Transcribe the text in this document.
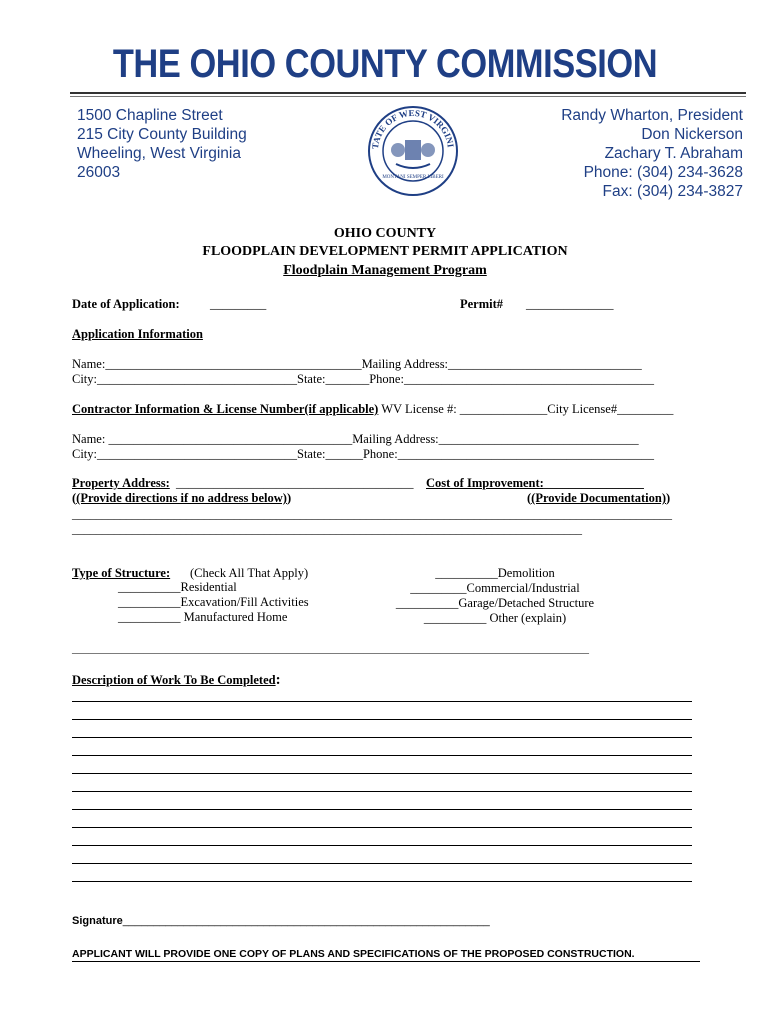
THE OHIO COUNTY COMMISSION
1500 Chapline Street
215 City County Building
Wheeling, West Virginia
26003
TATE OF WEST VIRGINI
MONTANI SEMPER LIBERI
Randy Wharton, President
Don Nickerson
Zachary T. Abraham
Phone: (304) 234-3628
Fax: (304) 234-3827
OHIO COUNTY
FLOODPLAIN DEVELOPMENT PERMIT APPLICATION
Floodplain Management Program
Date of Application: _________	Permit# ______________
Application Information
Name:_________________________________________Mailing Address:_______________________________
City:________________________________State:_______Phone:________________________________________
Contractor Information & License Number(if applicable) WV License #: ______________City License#_________
Name: _______________________________________Mailing Address:________________________________
City:________________________________State:______Phone:_________________________________________
Property Address: ______________________________________ Cost of Improvement:________________
((Provide directions if no address below))	((Provide Documentation))
____________________________________________________________________________________________________
_____________________________________________________________________________________
Type of Structure: (Check All That Apply)
__________Residential
__________Excavation/Fill Activities
__________ Manufactured Home
__________Demolition
_________Commercial/Industrial
__________Garage/Detached Structure
__________ Other (explain)
______________________________________________________________________________________________
Description of Work To Be Completed:
Signature____________________________________________________________
APPLICANT WILL PROVIDE ONE COPY OF PLANS AND SPECIFICATIONS OF THE PROPOSED CONSTRUCTION.
